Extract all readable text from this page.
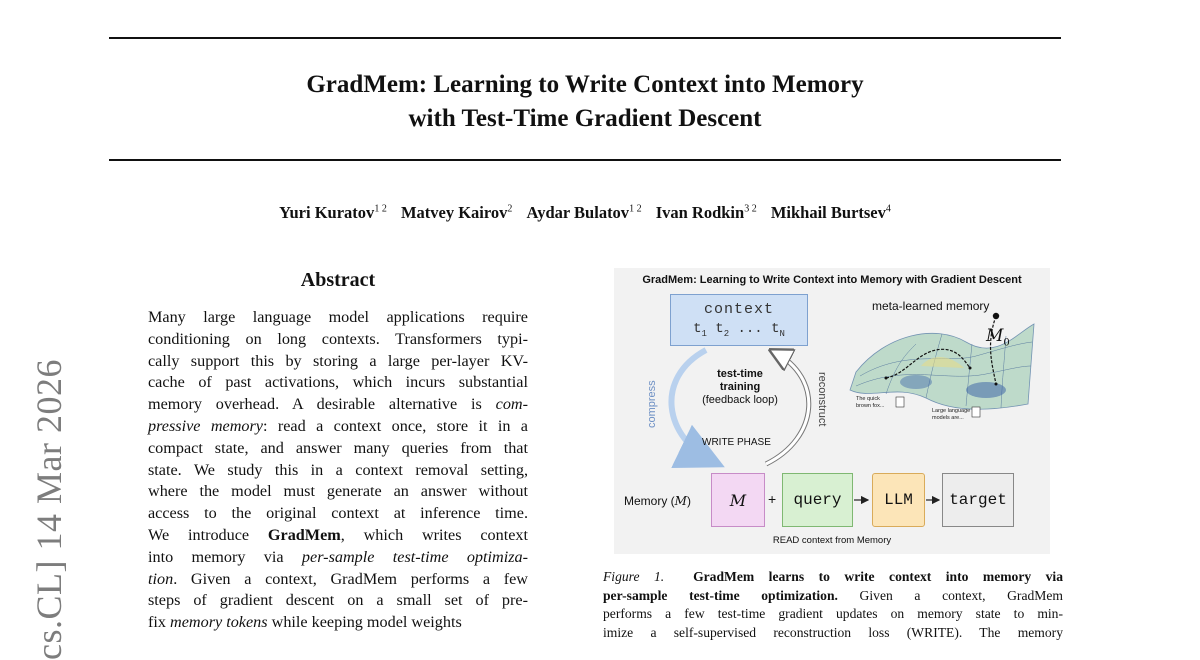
GradMem: Learning to Write Context into Memory
with Test-Time Gradient Descent
Yuri Kuratov$^{1 2}$ Matvey Kairov$^2$ Aydar Bulatov$^{1 2}$ Ivan Rodkin$^{3 2}$ Mikhail Burtsev$^4$
cs.CL] 14 Mar 2026
Abstract
Many large language model applications require
conditioning on long contexts. Transformers typi-
cally support this by storing a large per-layer KV-
cache of past activations, which incurs substantial
memory overhead. A desirable alternative is com-
pressive memory: read a context once, store it in a
compact state, and answer many queries from that
state. We study this in a context removal setting,
where the model must generate an answer without
access to the original context at inference time.
We introduce GradMem, which writes context
into memory via per-sample test-time optimiza-
tion. Given a context, GradMem performs a few
steps of gradient descent on a small set of pre-
fix memory tokens while keeping model weights
GradMem: Learning to Write Context into Memory with Gradient Descent
context
$t_1$ $t_2$ ... $t_N$
meta-learned memory
$M_0$
The quick
brown fox...
Large language
models are...
test-time
training
(feedback loop)
compress	reconstruct
WRITE PHASE
Memory (M)	M	+	query	LLM	target
READ context from Memory
Figure 1. GradMem learns to write context into memory via
per-sample test-time optimization. Given a context, GradMem
performs a few test-time gradient updates on memory state to min-
imize a self-supervised reconstruction loss (WRITE). The memory
